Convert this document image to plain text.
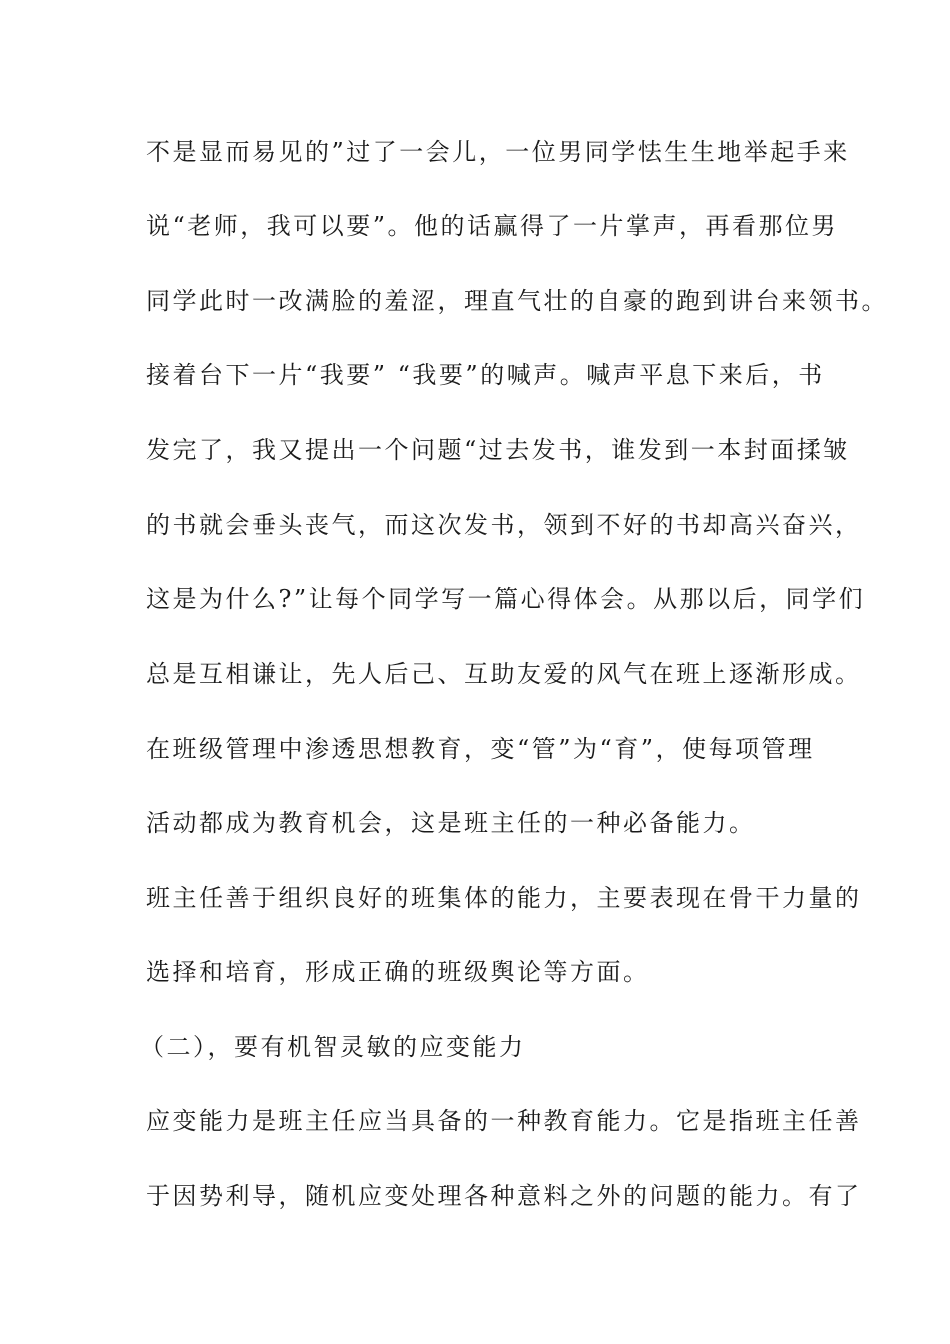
不是显而易见的”过了一会儿，一位男同学怯生生地举起手来
说“老师，我可以要”。他的话赢得了一片掌声，再看那位男
同学此时一改满脸的羞涩，理直气壮的自豪的跑到讲台来领书。
接着台下一片“我要” “我要”的喊声。喊声平息下来后，书
发完了，我又提出一个问题“过去发书，谁发到一本封面揉皱
的书就会垂头丧气，而这次发书，领到不好的书却高兴奋兴，
这是为什么?”让每个同学写一篇心得体会。从那以后，同学们
总是互相谦让，先人后己、互助友爱的风气在班上逐渐形成。
在班级管理中渗透思想教育，变“管”为“育”，使每项管理
活动都成为教育机会，这是班主任的一种必备能力。
班主任善于组织良好的班集体的能力，主要表现在骨干力量的
选择和培育，形成正确的班级舆论等方面。
（二），要有机智灵敏的应变能力
应变能力是班主任应当具备的一种教育能力。它是指班主任善
于因势利导，随机应变处理各种意料之外的问题的能力。有了
